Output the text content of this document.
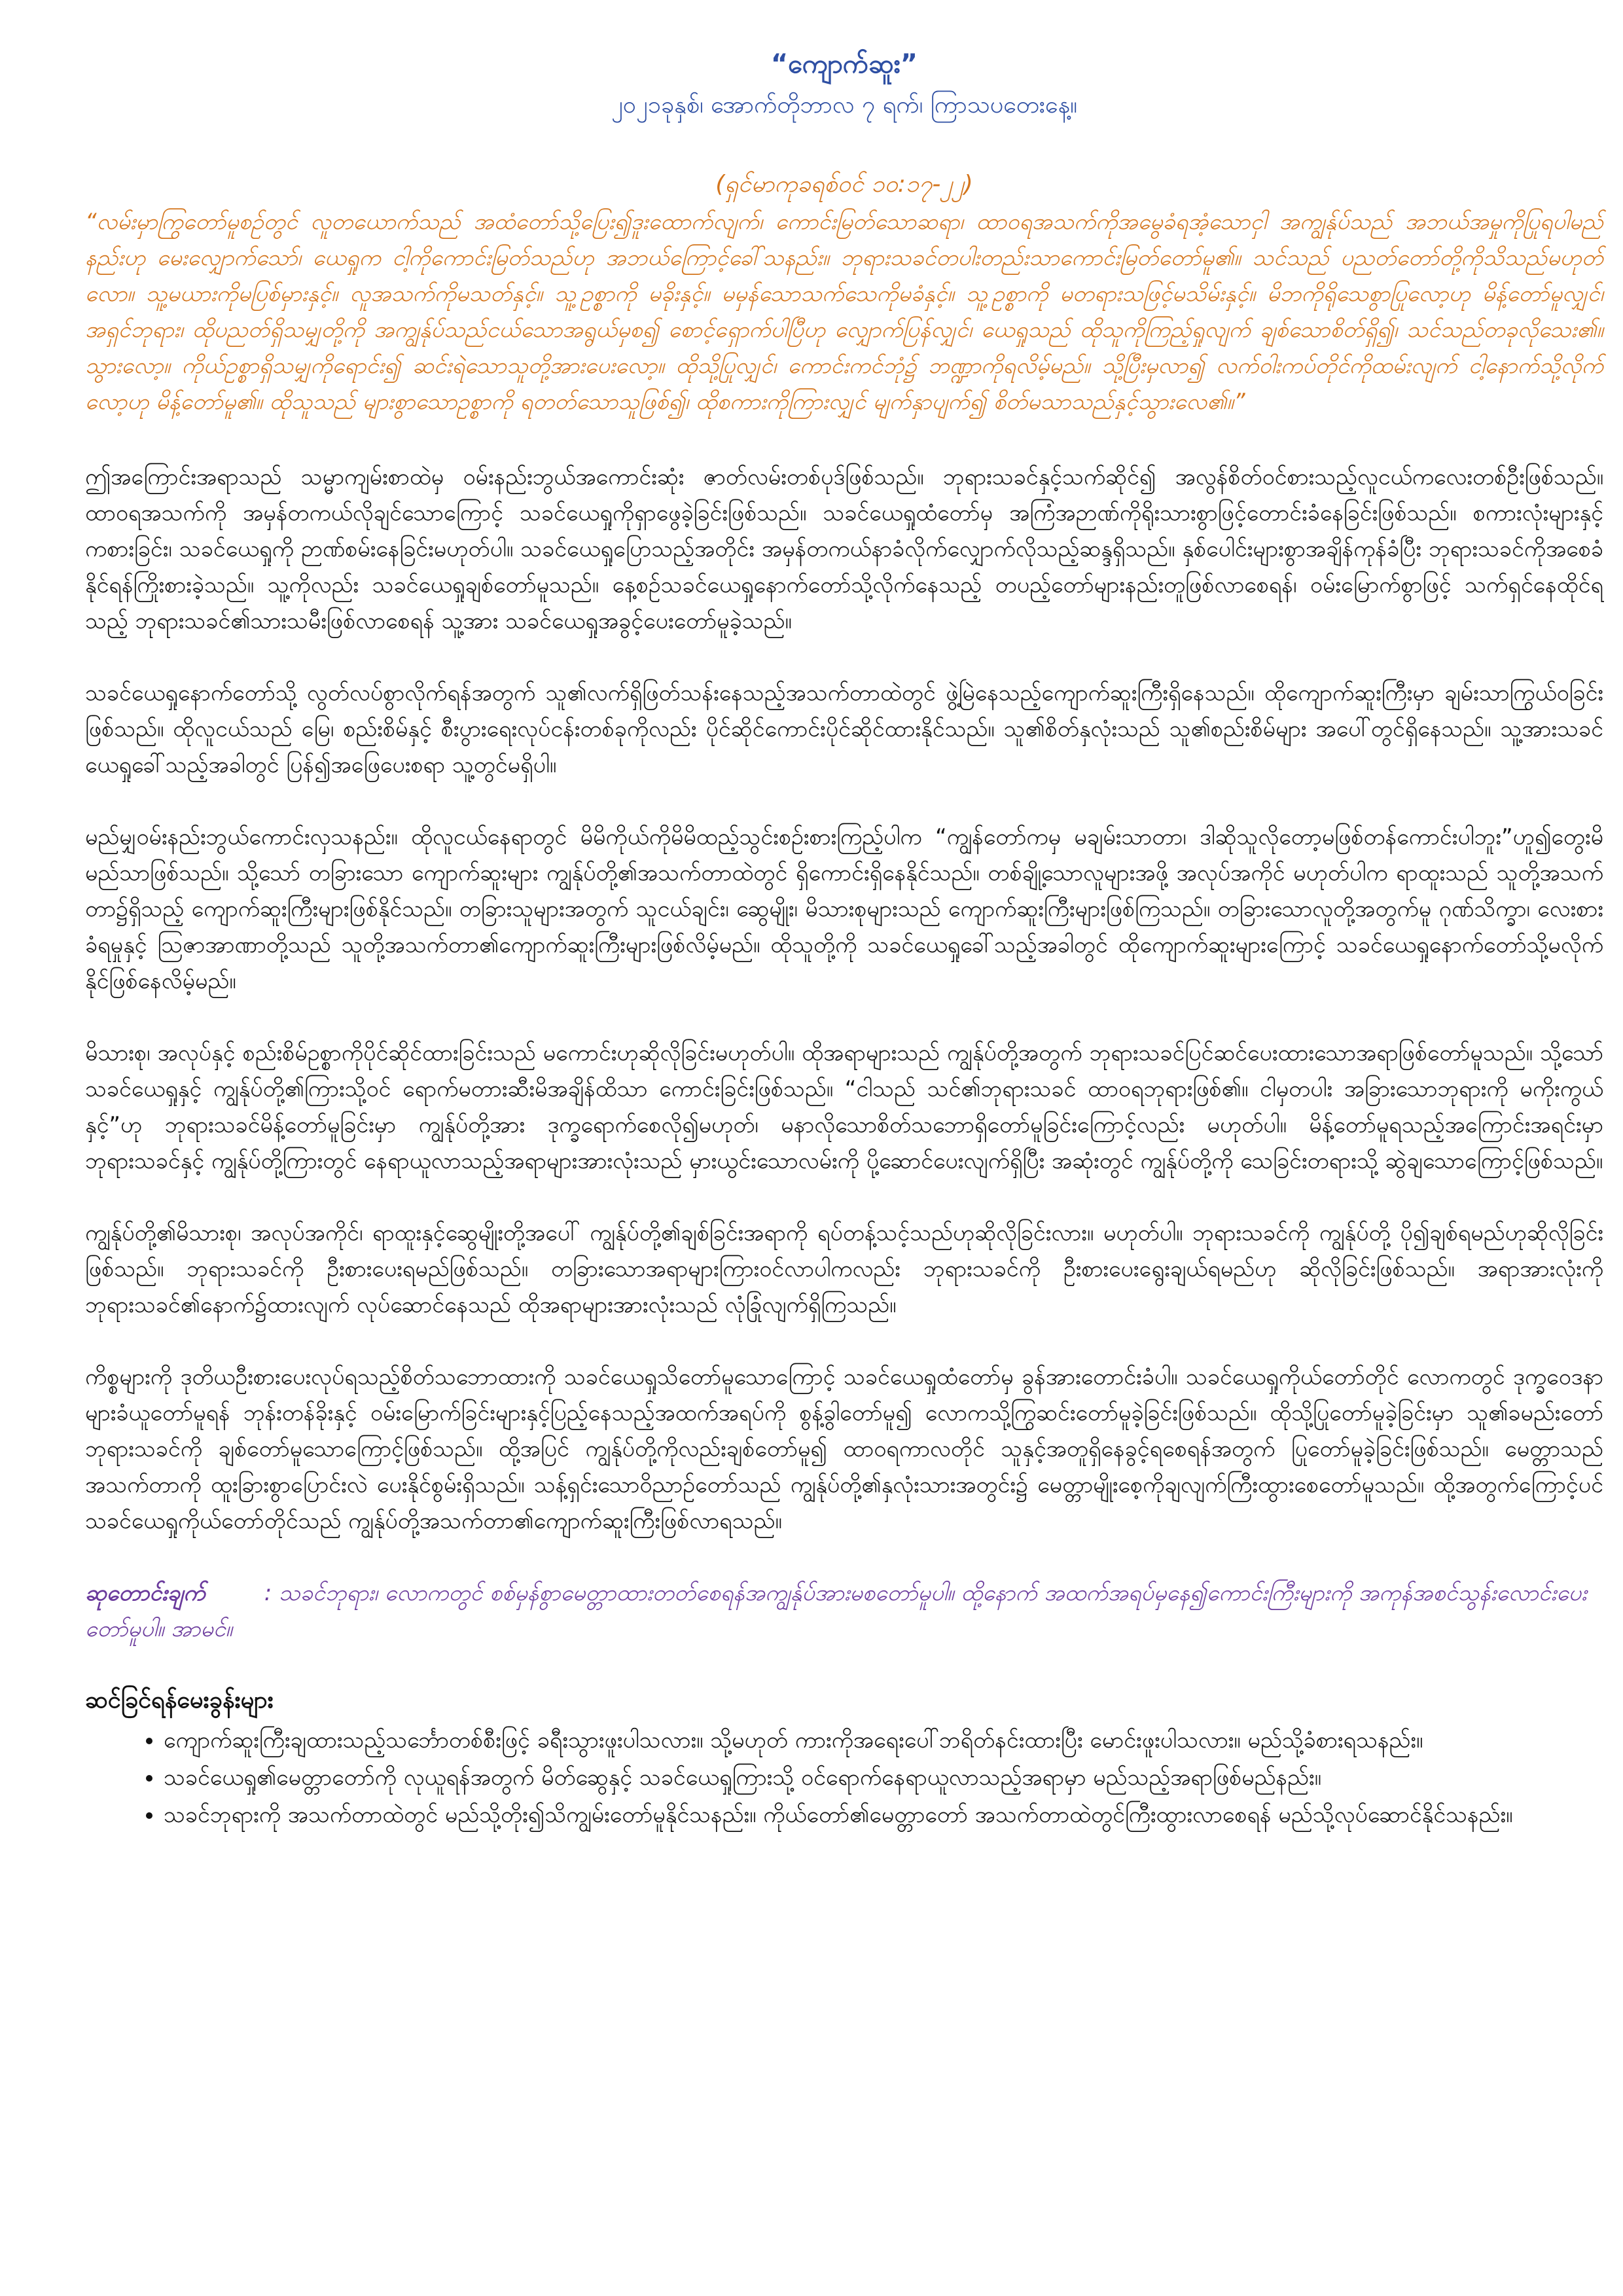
“ကျောက်ဆူး”
၂၀၂၁ခုနှစ်၊ အောက်တိုဘာလ ၇ ရက်၊ ကြာသပတေးနေ့။
(ရှင်မာကုခရစ်ဝင် ၁၀:၁၇-၂၂)
“လမ်းမှာကြွတော်မူစဉ်တွင် လူတယောက်သည် အထံတော်သို့ပြေး၍ဒူးထောက်လျက်၊ ကောင်းမြတ်သောဆရာ၊ ထာဝရအသက်ကိုအမွေခံရအံ့သောငှါ အကျွန်ုပ်သည် အဘယ်အမှုကိုပြုရပါမည်နည်းဟု မေးလျှောက်သော်၊ ယေရှုက ငါ့ကိုကောင်းမြတ်သည်ဟု အဘယ်ကြောင့်ခေါ်သနည်း။ ဘုရားသခင်တပါးတည်းသာကောင်းမြတ်တော်မူ၏။ သင်သည် ပညတ်တော်တို့ကိုသိသည်မဟုတ်လော။ သူ့မယားကိုမပြစ်မှားနှင့်။ လူအသက်ကိုမသတ်နှင့်။ သူ့ဥစ္စာကို မခိုးနှင့်။ မမှန်သောသက်သေကိုမခံနှင့်။ သူ့ဥစ္စာကို မတရားသဖြင့်မသိမ်းနှင့်။ မိဘကိုရိုသေစွာပြုလော့ဟု မိန့်တော်မူလျှင်၊ အရှင်ဘုရား၊ ထိုပညတ်ရှိသမျှတို့ကို အကျွန်ုပ်သည်ငယ်သောအရွယ်မှစ၍ စောင့်ရှောက်ပါပြီဟု လျှောက်ပြန်လျှင်၊ ယေရှုသည် ထိုသူကိုကြည့်ရှုလျက် ချစ်သောစိတ်ရှိ၍၊ သင်သည်တခုလိုသေး၏။ သွားလော့။ ကိုယ်ဥစ္စာရှိသမျှကိုရောင်း၍ ဆင်းရဲသောသူတို့အားပေးလော့။ ထိုသို့ပြုလျှင်၊ ကောင်းကင်ဘုံ၌ ဘဏ္ဍာကိုရလိမ့်မည်။ သို့ပြီးမှလာ၍ လက်ဝါးကပ်တိုင်ကိုထမ်းလျက် ငါ့နောက်သို့လိုက်လော့ဟု မိန့်တော်မူ၏။ ထိုသူသည် များစွာသောဥစ္စာကို ရတတ်သောသူဖြစ်၍၊ ထိုစကားကိုကြားလျှင် မျက်နှာပျက်၍ စိတ်မသာသည်နှင့်သွားလေ၏။”

ဤအကြောင်းအရာသည် သမ္မာကျမ်းစာထဲမှ ဝမ်းနည်းဘွယ်အကောင်းဆုံး ဇာတ်လမ်းတစ်ပုဒ်ဖြစ်သည်။ ဘုရားသခင်နှင့်သက်ဆိုင်၍ အလွန်စိတ်ဝင်စားသည့်လူငယ်ကလေးတစ်ဦးဖြစ်သည်။ ထာဝရအသက်ကို အမှန်တကယ်လိုချင်သောကြောင့် သခင်ယေရှုကိုရှာဖွေခဲ့ခြင်းဖြစ်သည်။ သခင်ယေရှုထံတော်မှ အကြံအဉာဏ်ကိုရိုးသားစွာဖြင့်တောင်းခံနေခြင်းဖြစ်သည်။ စကားလုံးများနှင့်ကစားခြင်း၊ သခင်ယေရှုကို ဉာဏ်စမ်းနေခြင်းမဟုတ်ပါ။ သခင်ယေရှုပြောသည့်အတိုင်း အမှန်တကယ်နာခံလိုက်လျှောက်လိုသည့်ဆန္ဒရှိသည်။ နှစ်ပေါင်းများစွာအချိန်ကုန်ခံပြီး ဘုရားသခင်ကိုအစေခံနိုင်ရန်ကြိုးစားခဲ့သည်။ သူ့ကိုလည်း သခင်ယေရှုချစ်တော်မူသည်။ နေ့စဉ်သခင်ယေရှုနောက်တော်သို့လိုက်နေသည့် တပည့်တော်များနည်းတူဖြစ်လာစေရန်၊ ဝမ်းမြောက်စွာဖြင့် သက်ရှင်နေထိုင်ရသည့် ဘုရားသခင်၏သားသမီးဖြစ်လာစေရန် သူ့အား သခင်ယေရှုအခွင့်ပေးတော်မူခဲ့သည်။

သခင်ယေရှုနောက်တော်သို့ လွတ်လပ်စွာလိုက်ရန်အတွက် သူ၏လက်ရှိဖြတ်သန်းနေသည့်အသက်တာထဲတွင် ဖွဲ့မြဲနေသည့်ကျောက်ဆူးကြီးရှိနေသည်။ ထိုကျောက်ဆူးကြီးမှာ ချမ်းသာကြွယ်ဝခြင်းဖြစ်သည်။ ထိုလူငယ်သည် မြေ၊ စည်းစိမ်နှင့် စီးပွားရေးလုပ်ငန်းတစ်ခုကိုလည်း ပိုင်ဆိုင်ကောင်းပိုင်ဆိုင်ထားနိုင်သည်။ သူ၏စိတ်နှလုံးသည် သူ၏စည်းစိမ်များ အပေါ်တွင်ရှိနေသည်။ သူ့အားသခင်ယေရှုခေါ်သည့်အခါတွင် ပြန်၍အဖြေပေးစရာ သူ့တွင်မရှိပါ။

မည်မျှဝမ်းနည်းဘွယ်ကောင်းလှသနည်း။ ထိုလူငယ်နေရာတွင် မိမိကိုယ်ကိုမိမိထည့်သွင်းစဉ်းစားကြည့်ပါက “ကျွန်တော်ကမှ မချမ်းသာတာ၊ ဒါဆိုသူလိုတော့မဖြစ်တန်ကောင်းပါဘူး”ဟူ၍တွေးမိမည်သာဖြစ်သည်။ သို့သော် တခြားသော ကျောက်ဆူးများ ကျွန်ုပ်တို့၏အသက်တာထဲတွင် ရှိကောင်းရှိနေနိုင်သည်။ တစ်ချို့သောလူများအဖို့ အလုပ်အကိုင် မဟုတ်ပါက ရာထူးသည် သူတို့အသက်တာ၌ရှိသည့် ကျောက်ဆူးကြီးများဖြစ်နိုင်သည်။ တခြားသူများအတွက် သူငယ်ချင်း၊ ဆွေမျိုး၊ မိသားစုများသည် ကျောက်ဆူးကြီးများဖြစ်ကြသည်။ တခြားသောလူတို့အတွက်မူ ဂုဏ်သိက္ခာ၊ လေးစားခံရမှုနှင့် ဩဇာအာဏာတို့သည် သူတို့အသက်တာ၏ကျောက်ဆူးကြီးများဖြစ်လိမ့်မည်။ ထိုသူတို့ကို သခင်ယေရှုခေါ်သည့်အခါတွင် ထိုကျောက်ဆူးများကြောင့် သခင်ယေရှုနောက်တော်သို့မလိုက်နိုင်ဖြစ်နေလိမ့်မည်။

မိသားစု၊ အလုပ်နှင့် စည်းစိမ်ဥစ္စာကိုပိုင်ဆိုင်ထားခြင်းသည် မကောင်းဟုဆိုလိုခြင်းမဟုတ်ပါ။ ထိုအရာများသည် ကျွန်ုပ်တို့အတွက် ဘုရားသခင်ပြင်ဆင်ပေးထားသောအရာဖြစ်တော်မူသည်။ သို့သော် သခင်ယေရှုနှင့် ကျွန်ုပ်တို့၏ကြားသို့ဝင် ရောက်မတားဆီးမိအချိန်ထိသာ ကောင်းခြင်းဖြစ်သည်။ “ငါသည် သင်၏ဘုရားသခင် ထာဝရဘုရားဖြစ်၏။ ငါမှတပါး အခြားသောဘုရားကို မကိုးကွယ်နှင့်”ဟု ဘုရားသခင်မိန့်တော်မူခြင်းမှာ ကျွန်ုပ်တို့အား ဒုက္ခရောက်စေလို၍မဟုတ်၊ မနာလိုသောစိတ်သဘောရှိတော်မူခြင်းကြောင့်လည်း မဟုတ်ပါ။ မိန့်တော်မူရသည့်အကြောင်းအရင်းမှာ ဘုရားသခင်နှင့် ကျွန်ုပ်တို့ကြားတွင် နေရာယူလာသည့်အရာများအားလုံးသည် မှားယွင်းသောလမ်းကို ပို့ဆောင်ပေးလျက်ရှိပြီး အဆုံးတွင် ကျွန်ုပ်တို့ကို သေခြင်းတရားသို့ ဆွဲချသောကြောင့်ဖြစ်သည်။

ကျွန်ုပ်တို့၏မိသားစု၊ အလုပ်အကိုင်၊ ရာထူးနှင့်ဆွေမျိုးတို့အပေါ် ကျွန်ုပ်တို့၏ချစ်ခြင်းအရာကို ရပ်တန့်သင့်သည်ဟုဆိုလိုခြင်းလား။ မဟုတ်ပါ။ ဘုရားသခင်ကို ကျွန်ုပ်တို့ ပို၍ချစ်ရမည်ဟုဆိုလိုခြင်းဖြစ်သည်။ ဘုရားသခင်ကို ဦးစားပေးရမည်ဖြစ်သည်။ တခြားသောအရာများကြားဝင်လာပါကလည်း ဘုရားသခင်ကို ဦးစားပေးရွေးချယ်ရမည်ဟု ဆိုလိုခြင်းဖြစ်သည်။ အရာအားလုံးကို ဘုရားသခင်၏နောက်၌ထားလျက် လုပ်ဆောင်နေသည် ထိုအရာများအားလုံးသည် လုံခြုံလျက်ရှိကြသည်။

ကိစ္စများကို ဒုတိယဦးစားပေးလုပ်ရသည့်စိတ်သဘောထားကို သခင်ယေရှုသိတော်မူသောကြောင့် သခင်ယေရှုထံတော်မှ ခွန်အားတောင်းခံပါ။ သခင်ယေရှုကိုယ်တော်တိုင် လောကတွင် ဒုက္ခဝေဒနာများခံယူတော်မူရန် ဘုန်းတန်ခိုးနှင့် ဝမ်းမြောက်ခြင်းများနှင့်ပြည့်နေသည့်အထက်အရပ်ကို စွန့်ခွါတော်မူ၍ လောကသို့ကြွဆင်းတော်မူခဲ့ခြင်းဖြစ်သည်။ ထိုသို့ပြုတော်မူခဲ့ခြင်းမှာ သူ၏ခမည်းတော်ဘုရားသခင်ကို ချစ်တော်မူသောကြောင့်ဖြစ်သည်။ ထို့အပြင် ကျွန်ုပ်တို့ကိုလည်းချစ်တော်မူ၍ ထာဝရကာလတိုင် သူနှင့်အတူရှိနေခွင့်ရစေရန်အတွက် ပြုတော်မူခဲ့ခြင်းဖြစ်သည်။ မေတ္တာသည် အသက်တာကို ထူးခြားစွာပြောင်းလဲ ပေးနိုင်စွမ်းရှိသည်။ သန့်ရှင်းသောဝိညာဉ်တော်သည် ကျွန်ုပ်တို့၏နှလုံးသားအတွင်း၌ မေတ္တာမျိုးစေ့ကိုချလျက်ကြီးထွားစေတော်မူသည်။ ထို့အတွက်ကြောင့်ပင် သခင်ယေရှုကိုယ်တော်တိုင်သည် ကျွန်ုပ်တို့အသက်တာ၏ကျောက်ဆူးကြီးဖြစ်လာရသည်။

ဆုတောင်းချက်	: သခင်ဘုရား၊ လောကတွင် စစ်မှန်စွာမေတ္တာထားတတ်စေရန်အကျွန်ုပ်အားမစတော်မူပါ။ ထို့နောက် အထက်အရပ်မှနေ၍ကောင်းကြီးများကို အကုန်အစင်သွန်းလောင်းပေးတော်မူပါ။ အာမင်။

ဆင်ခြင်ရန်မေးခွန်းများ
• ကျောက်ဆူးကြီးချထားသည့်သင်္ဘောတစ်စီးဖြင့် ခရီးသွားဖူးပါသလား။ သို့မဟုတ် ကားကိုအရေးပေါ်ဘရိတ်နင်းထားပြီး မောင်းဖူးပါသလား။ မည်သို့ခံစားရသနည်း။
• သခင်ယေရှု၏မေတ္တာတော်ကို လုယူရန်အတွက် မိတ်ဆွေနှင့် သခင်ယေရှုကြားသို့ ဝင်ရောက်နေရာယူလာသည့်အရာမှာ မည်သည့်အရာဖြစ်မည်နည်း။
• သခင်ဘုရားကို အသက်တာထဲတွင် မည်သို့တိုး၍သိကျွမ်းတော်မူနိုင်သနည်း။ ကိုယ်တော်၏မေတ္တာတော် အသက်တာထဲတွင်ကြီးထွားလာစေရန် မည်သို့လုပ်ဆောင်နိုင်သနည်း။
